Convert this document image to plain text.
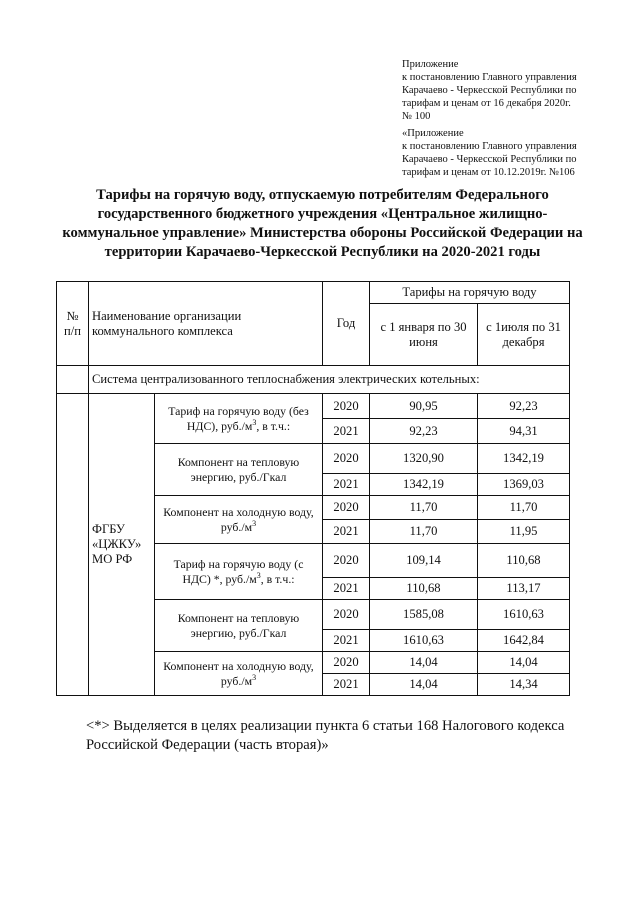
Приложение
к постановлению Главного управления
Карачаево - Черкесской Республики по
тарифам и ценам от 16 декабря 2020г.
№ 100
«Приложение
к постановлению Главного управления
Карачаево - Черкесской Республики по
тарифам и ценам от 10.12.2019г. №106
Тарифы на горячую воду, отпускаемую потребителям Федерального
государственного бюджетного учреждения «Центральное жилищно-
коммунальное управление» Министерства обороны Российской Федерации на
территории Карачаево-Черкесской Республики на 2020-2021 годы
№ п/п	Наименование организации коммунального комплекса		Год	Тарифы на горячую воду	
				с 1 января по 30 июня	с 1июля по 31 декабря
	Система централизованного теплоснабжения электрических котельных:				
	ФГБУ «ЦЖКУ» МО РФ	Тариф на горячую воду (без НДС), $руб./м^3$, в т.ч.:	2020	90,95	92,23
			2021	92,23	94,31
		Компонент на тепловую энергию, руб./Гкал	2020	1320,90	1342,19
			2021	1342,19	1369,03
		Компонент на холодную воду, $руб./м^3$	2020	11,70	11,70
			2021	11,70	11,95
		Тариф на горячую воду (с НДС) *, $руб./м^3$, в т.ч.:	2020	109,14	110,68
			2021	110,68	113,17
		Компонент на тепловую энергию, руб./Гкал	2020	1585,08	1610,63
			2021	1610,63	1642,84
		Компонент на холодную воду, $руб./м^3$	2020	14,04	14,04
			2021	14,04	14,34
<*> Выделяется в целях реализации пункта 6 статьи 168 Налогового кодекса
Российской Федерации (часть вторая)»
